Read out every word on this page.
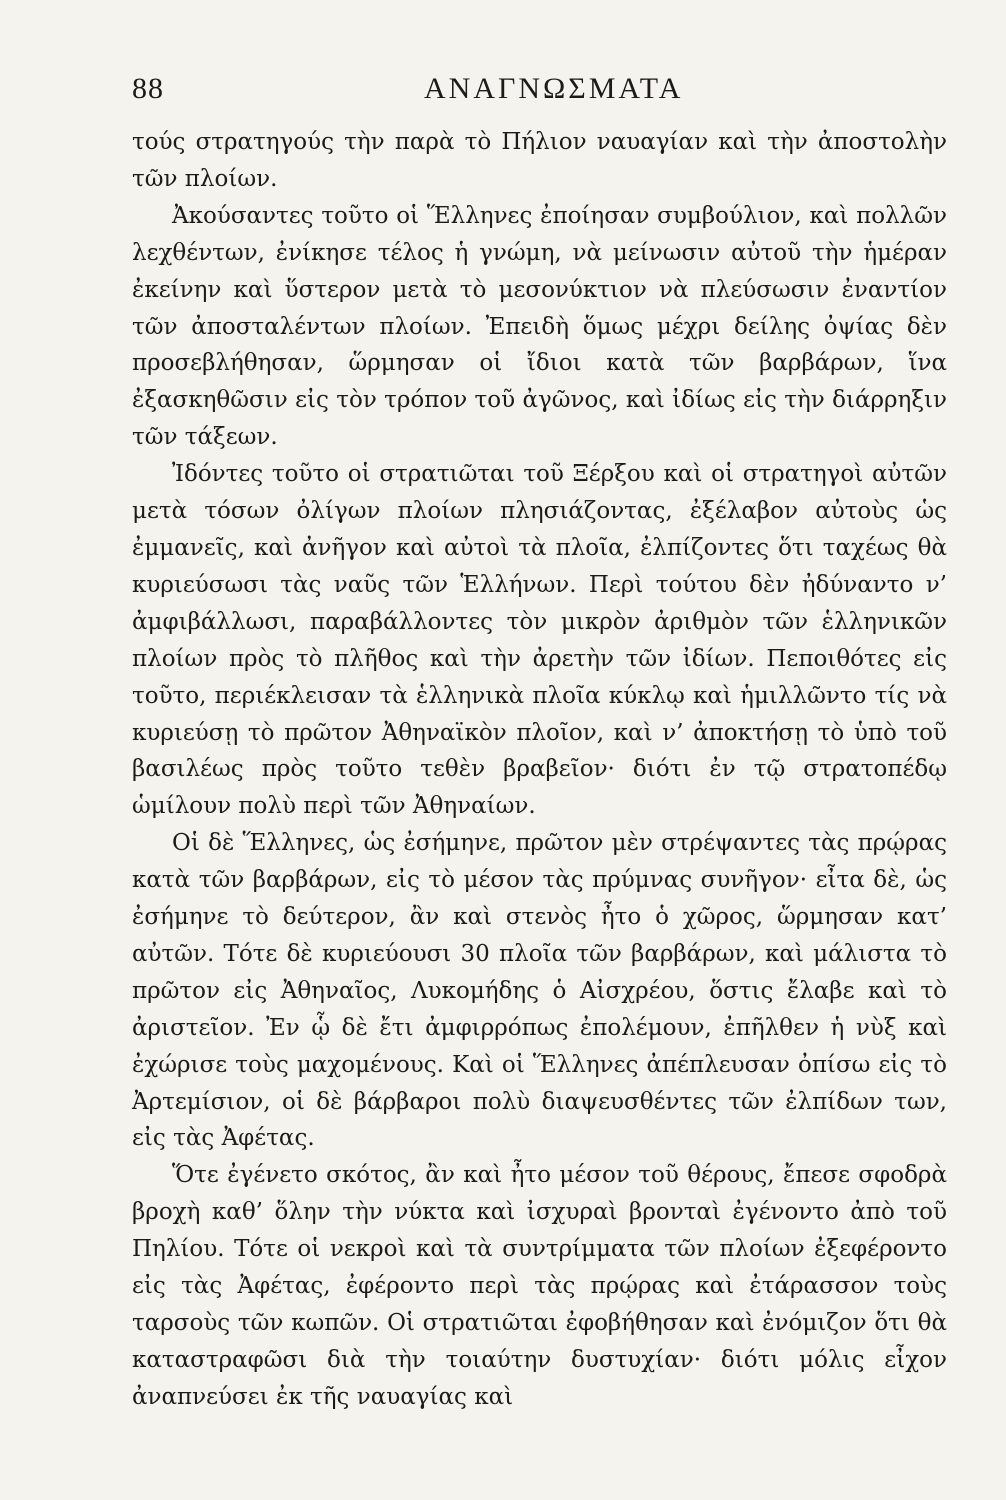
88	ΑΝΑΓΝΩΣΜΑΤΑ

τούς στρατηγούς τὴν παρὰ τὸ Πήλιον ναυαγίαν καὶ τὴν ἀποστολὴν τῶν πλοίων.

Ἀκούσαντες τοῦτο οἱ Ἕλληνες ἐποίησαν συμβούλιον, καὶ πολλῶν λεχθέντων, ἐνίκησε τέλος ἡ γνώμη, νὰ μείνωσιν αὐτοῦ τὴν ἡμέραν ἐκείνην καὶ ὕστερον μετὰ τὸ μεσονύκτιον νὰ πλεύσωσιν ἐναντίον τῶν ἀποσταλέντων πλοίων. Ἐπειδὴ ὅμως μέχρι δείλης ὀψίας δὲν προσεβλήθησαν, ὥρμησαν οἱ ἴδιοι κατὰ τῶν βαρβάρων, ἵνα ἐξασκηθῶσιν εἰς τὸν τρόπον τοῦ ἀγῶνος, καὶ ἰδίως εἰς τὴν διάρρηξιν τῶν τάξεων.

Ἰδόντες τοῦτο οἱ στρατιῶται τοῦ Ξέρξου καὶ οἱ στρατηγοὶ αὐτῶν μετὰ τόσων ὀλίγων πλοίων πλησιάζοντας, ἐξέλαβον αὐτοὺς ὡς ἐμμανεῖς, καὶ ἀνῆγον καὶ αὐτοὶ τὰ πλοῖα, ἐλπίζοντες ὅτι ταχέως θὰ κυριεύσωσι τὰς ναῦς τῶν Ἑλλήνων. Περὶ τούτου δὲν ἠδύναντο ν’ ἀμφιβάλλωσι, παραβάλλοντες τὸν μικρὸν ἀριθμὸν τῶν ἑλληνικῶν πλοίων πρὸς τὸ πλῆθος καὶ τὴν ἀρετὴν τῶν ἰδίων. Πεποιθότες εἰς τοῦτο, περιέκλεισαν τὰ ἑλληνικὰ πλοῖα κύκλῳ καὶ ἡμιλλῶντο τίς νὰ κυριεύσῃ τὸ πρῶτον Ἀθηναϊκὸν πλοῖον, καὶ ν’ ἀποκτήσῃ τὸ ὑπὸ τοῦ βασιλέως πρὸς τοῦτο τεθὲν βραβεῖον· διότι ἐν τῷ στρατοπέδῳ ὡμίλουν πολὺ περὶ τῶν Ἀθηναίων.

Οἱ δὲ Ἕλληνες, ὡς ἐσήμηνε, πρῶτον μὲν στρέψαντες τὰς πρῴρας κατὰ τῶν βαρβάρων, εἰς τὸ μέσον τὰς πρύμνας συνῆγον· εἶτα δὲ, ὡς ἐσήμηνε τὸ δεύτερον, ἂν καὶ στενὸς ἦτο ὁ χῶρος, ὥρμησαν κατ’ αὐτῶν. Τότε δὲ κυριεύουσι 30 πλοῖα τῶν βαρβάρων, καὶ μάλιστα τὸ πρῶτον εἰς Ἀθηναῖος, Λυκομήδης ὁ Αἰσχρέου, ὅστις ἔλαβε καὶ τὸ ἀριστεῖον. Ἐν ᾧ δὲ ἔτι ἀμφιρρόπως ἐπολέμουν, ἐπῆλθεν ἡ νὺξ καὶ ἐχώρισε τοὺς μαχομένους. Καὶ οἱ Ἕλληνες ἀπέπλευσαν ὀπίσω εἰς τὸ Ἀρτεμίσιον, οἱ δὲ βάρβαροι πολὺ διαψευσθέντες τῶν ἐλπίδων των, εἰς τὰς Ἀφέτας.

Ὅτε ἐγένετο σκότος, ἂν καὶ ἦτο μέσον τοῦ θέρους, ἔπεσε σφοδρὰ βροχὴ καθ’ ὅλην τὴν νύκτα καὶ ἰσχυραὶ βρονταὶ ἐγένοντο ἀπὸ τοῦ Πηλίου. Τότε οἱ νεκροὶ καὶ τὰ συντρίμματα τῶν πλοίων ἐξεφέροντο εἰς τὰς Ἀφέτας, ἐφέροντο περὶ τὰς πρῴρας καὶ ἐτάρασσον τοὺς ταρσοὺς τῶν κωπῶν. Οἱ στρατιῶται ἐφοβήθησαν καὶ ἐνόμιζον ὅτι θὰ καταστραφῶσι διὰ τὴν τοιαύτην δυστυχίαν· διότι μόλις εἶχον ἀναπνεύσει ἐκ τῆς ναυαγίας καὶ
